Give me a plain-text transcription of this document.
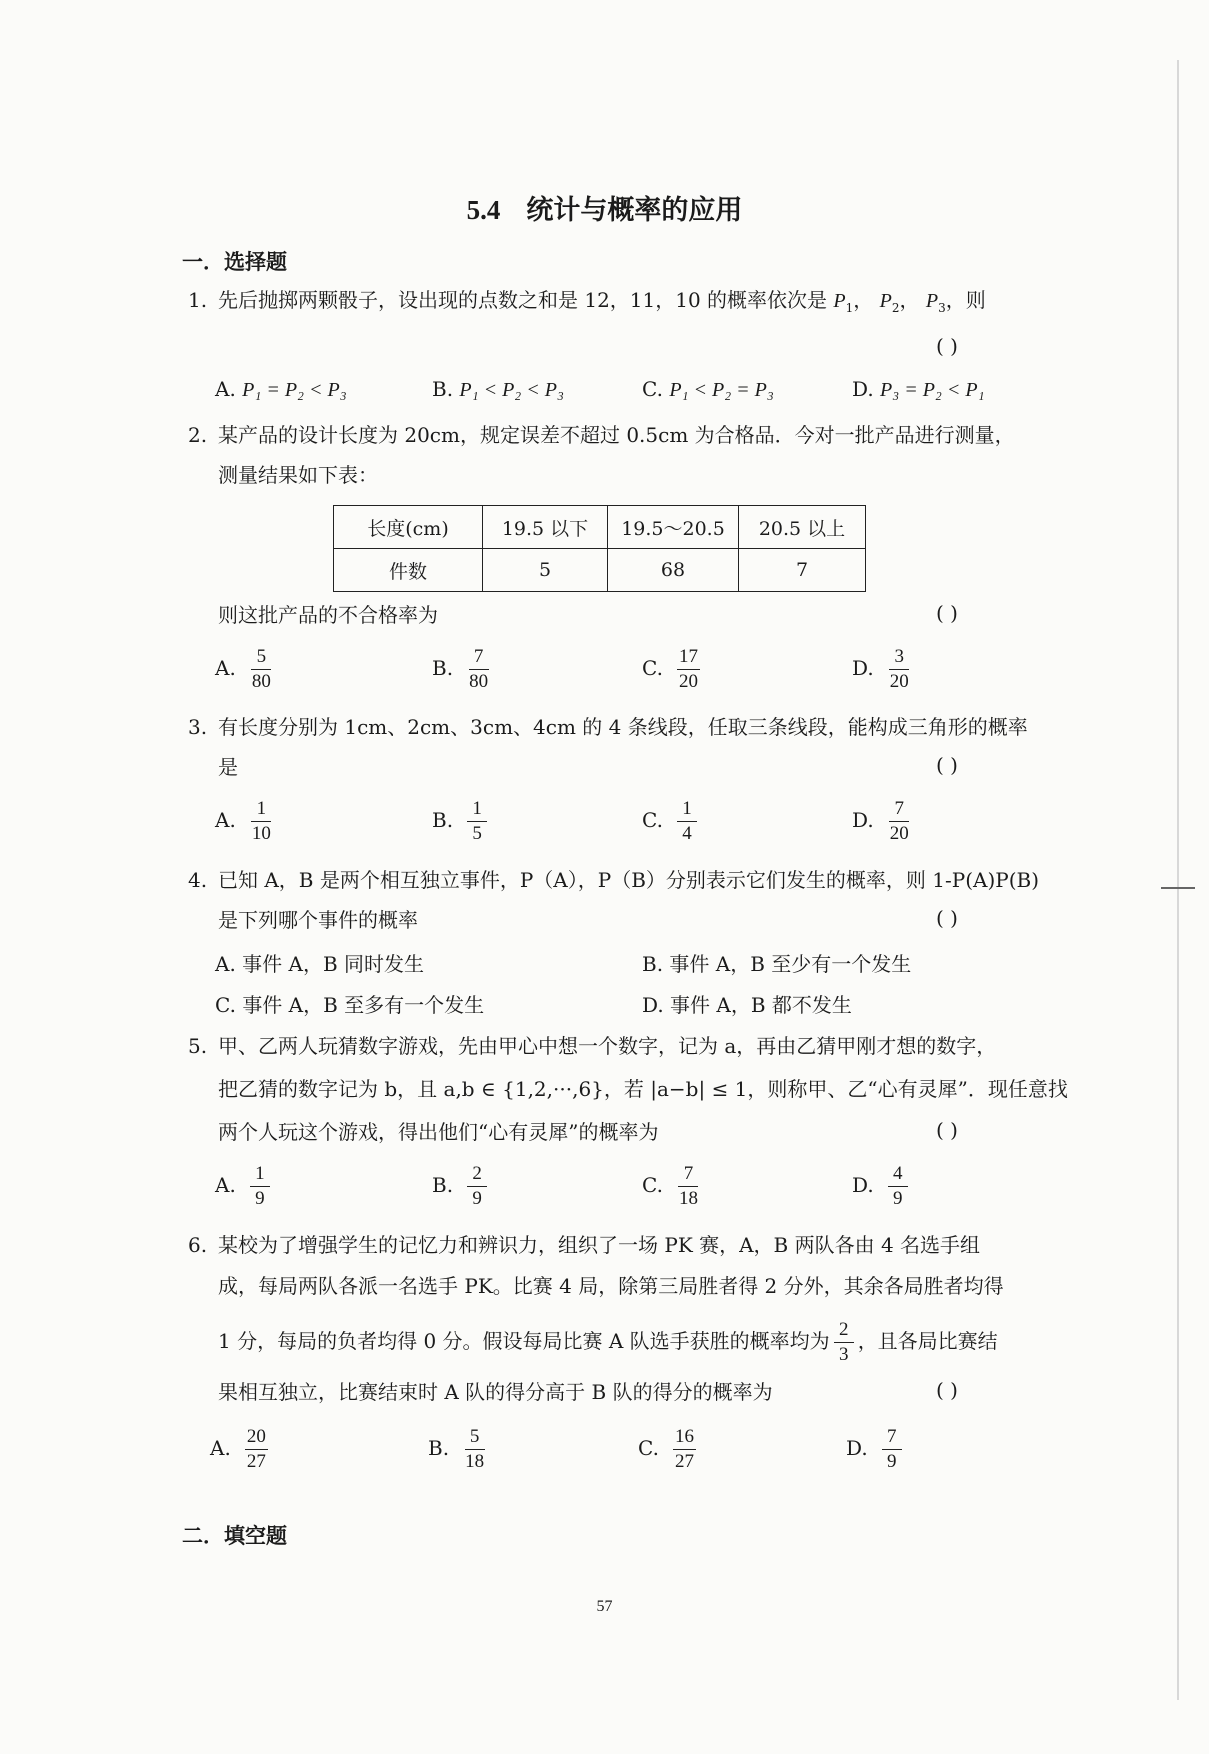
5.4 统计与概率的应用
一．选择题
1. 先后抛掷两颗骰子，设出现的点数之和是 12，11，10 的概率依次是 $P_1$， $P_2$， $P_3$，则
( )
A. P₁ = P₂ < P₃	B. P₁ < P₂ < P₃	C. P₁ < P₂ = P₃	D. P₃ = P₂ < P₁
2. 某产品的设计长度为 20cm，规定误差不超过 0.5cm 为合格品．今对一批产品进行测量，
测量结果如下表：
长度(cm)	19.5 以下	19.5～20.5	20.5 以上
件数	5	68	7
则这批产品的不合格率为	( )
A. $\frac{5}{80}$	B. $\frac{7}{80}$	C. $\frac{17}{20}$	D. $\frac{3}{20}$
3. 有长度分别为 1cm、2cm、3cm、4cm 的 4 条线段，任取三条线段，能构成三角形的概率
是	( )
A. $\frac{1}{10}$	B. $\frac{1}{5}$	C. $\frac{1}{4}$	D. $\frac{7}{20}$
4. 已知 A，B 是两个相互独立事件，P（A），P（B）分别表示它们发生的概率，则 1-P(A)P(B)
是下列哪个事件的概率	( )
A. 事件 A，B 同时发生	B. 事件 A，B 至少有一个发生
C. 事件 A，B 至多有一个发生	D. 事件 A，B 都不发生
5. 甲、乙两人玩猜数字游戏，先由甲心中想一个数字，记为 a，再由乙猜甲刚才想的数字，
把乙猜的数字记为 b，且 a,b ∈ {1,2,···,6}，若 |a−b| ≤ 1，则称甲、乙“心有灵犀”．现任意找
两个人玩这个游戏，得出他们“心有灵犀”的概率为	( )
A. $\frac{1}{9}$	B. $\frac{2}{9}$	C. $\frac{7}{18}$	D. $\frac{4}{9}$
6. 某校为了增强学生的记忆力和辨识力，组织了一场 PK 赛，A，B 两队各由 4 名选手组
成，每局两队各派一名选手 PK。比赛 4 局，除第三局胜者得 2 分外，其余各局胜者均得
1 分，每局的负者均得 0 分。假设每局比赛 A 队选手获胜的概率均为 $\frac{2}{3}$ ，且各局比赛结
果相互独立，比赛结束时 A 队的得分高于 B 队的得分的概率为	( )
A. $\frac{20}{27}$	B. $\frac{5}{18}$	C. $\frac{16}{27}$	D. $\frac{7}{9}$
二．填空题
57
